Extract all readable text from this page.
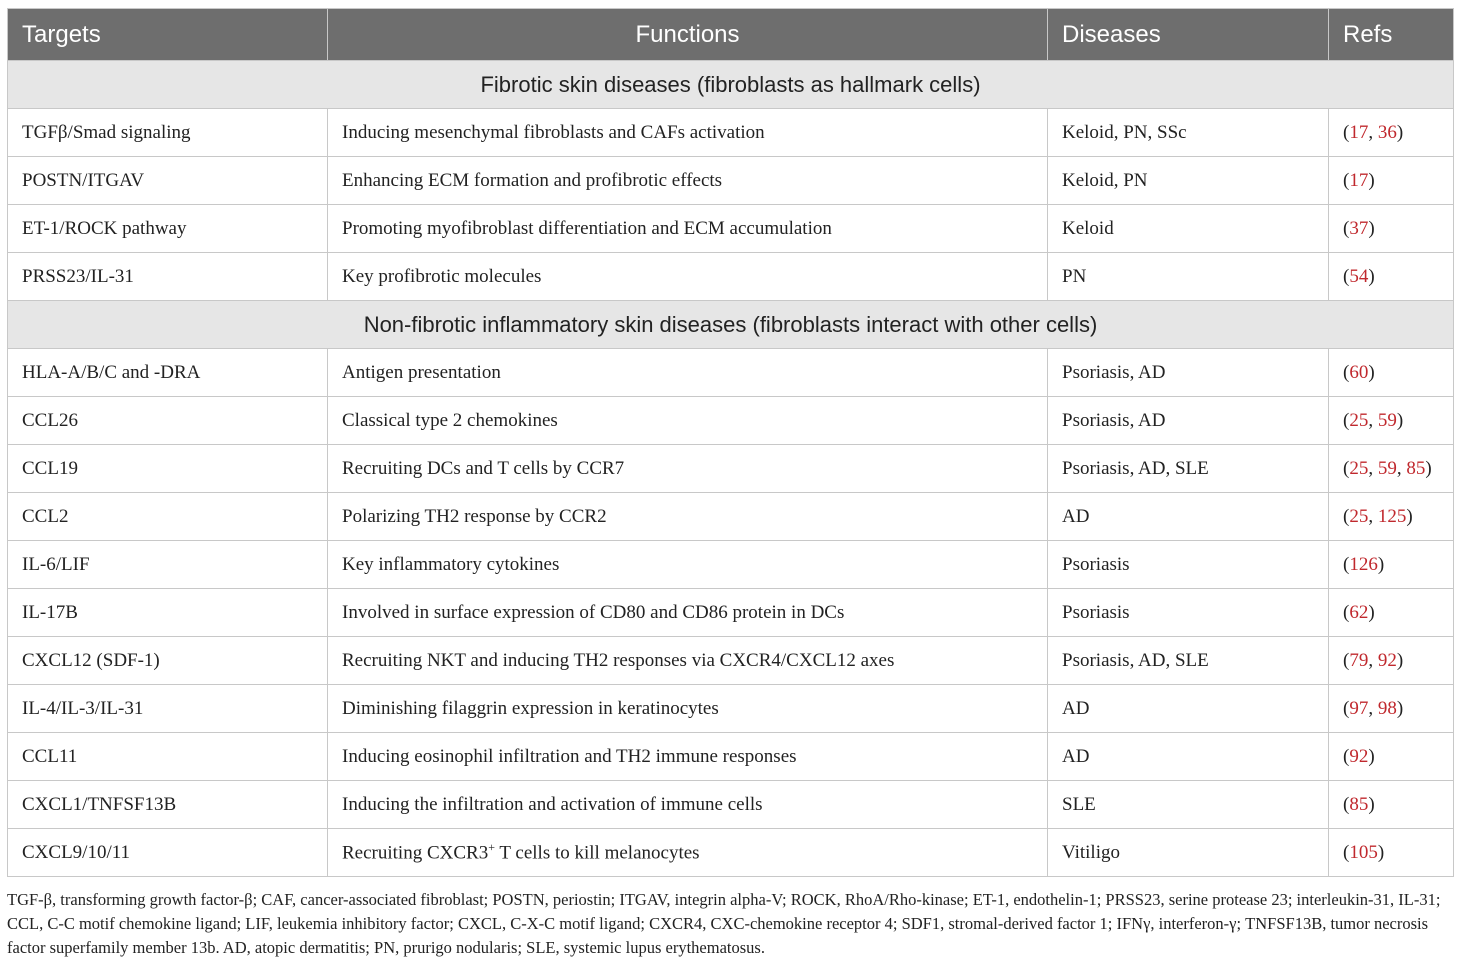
Targets	Functions	Diseases	Refs
Fibrotic skin diseases (fibroblasts as hallmark cells)			
TGFβ/Smad signaling	Inducing mesenchymal fibroblasts and CAFs activation	Keloid, PN, SSc	(17, 36)
POSTN/ITGAV	Enhancing ECM formation and profibrotic effects	Keloid, PN	(17)
ET-1/ROCK pathway	Promoting myofibroblast differentiation and ECM accumulation	Keloid	(37)
PRSS23/IL-31	Key profibrotic molecules	PN	(54)
Non-fibrotic inflammatory skin diseases (fibroblasts interact with other cells)			
HLA-A/B/C and -DRA	Antigen presentation	Psoriasis, AD	(60)
CCL26	Classical type 2 chemokines	Psoriasis, AD	(25, 59)
CCL19	Recruiting DCs and T cells by CCR7	Psoriasis, AD, SLE	(25, 59, 85)
CCL2	Polarizing TH2 response by CCR2	AD	(25, 125)
IL-6/LIF	Key inflammatory cytokines	Psoriasis	(126)
IL-17B	Involved in surface expression of CD80 and CD86 protein in DCs	Psoriasis	(62)
CXCL12 (SDF-1)	Recruiting NKT and inducing TH2 responses via CXCR4/CXCL12 axes	Psoriasis, AD, SLE	(79, 92)
IL-4/IL-3/IL-31	Diminishing filaggrin expression in keratinocytes	AD	(97, 98)
CCL11	Inducing eosinophil infiltration and TH2 immune responses	AD	(92)
CXCL1/TNFSF13B	Inducing the infiltration and activation of immune cells	SLE	(85)
CXCL9/10/11	Recruiting CXCR3+ T cells to kill melanocytes	Vitiligo	(105)
TGF-β, transforming growth factor-β; CAF, cancer-associated fibroblast; POSTN, periostin; ITGAV, integrin alpha-V; ROCK, RhoA/Rho-kinase; ET-1, endothelin-1; PRSS23, serine protease 23; interleukin-31, IL-31; CCL, C-C motif chemokine ligand; LIF, leukemia inhibitory factor; CXCL, C-X-C motif ligand; CXCR4, CXC-chemokine receptor 4; SDF1, stromal-derived factor 1; IFNγ, interferon-γ; TNFSF13B, tumor necrosis factor superfamily member 13b. AD, atopic dermatitis; PN, prurigo nodularis; SLE, systemic lupus erythematosus.
